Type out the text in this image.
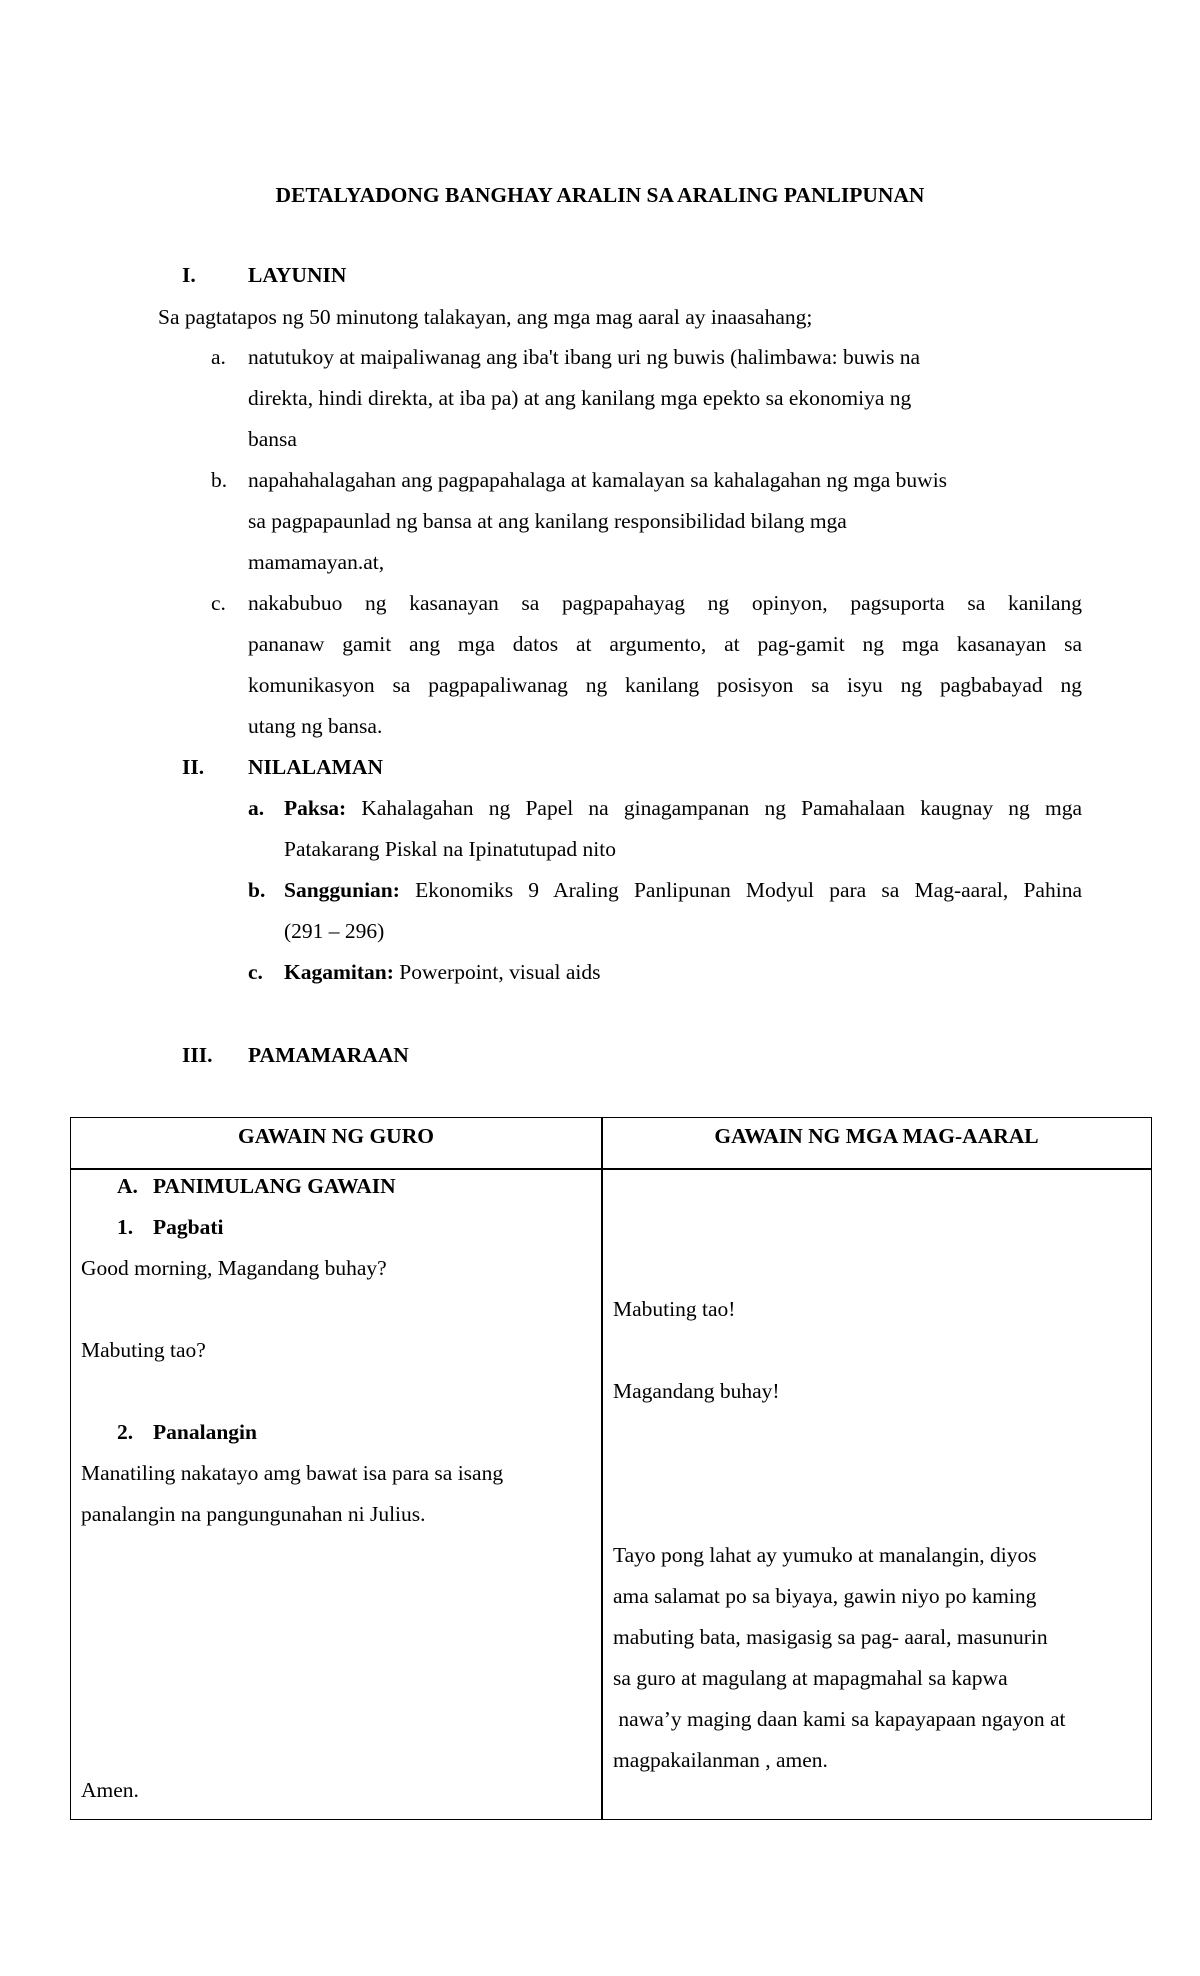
DETALYADONG BANGHAY ARALIN SA ARALING PANLIPUNAN
I. LAYUNIN
Sa pagtatapos ng 50 minutong talakayan, ang mga mag aaral ay inaasahang;
a. natutukoy at maipaliwanag ang iba't ibang uri ng buwis (halimbawa: buwis na
direkta, hindi direkta, at iba pa) at ang kanilang mga epekto sa ekonomiya ng
bansa
b. napahahalagahan ang pagpapahalaga at kamalayan sa kahalagahan ng mga buwis
sa pagpapaunlad ng bansa at ang kanilang responsibilidad bilang mga
mamamayan.at,
c. nakabubuo ng kasanayan sa pagpapahayag ng opinyon, pagsuporta sa kanilang
pananaw gamit ang mga datos at argumento, at pag-gamit ng mga kasanayan sa
komunikasyon sa pagpapaliwanag ng kanilang posisyon sa isyu ng pagbabayad ng
utang ng bansa.
II. NILALAMAN
a. Paksa: Kahalagahan ng Papel na ginagampanan ng Pamahalaan kaugnay ng mga
Patakarang Piskal na Ipinatutupad nito
b. Sanggunian: Ekonomiks 9 Araling Panlipunan Modyul para sa Mag-aaral, Pahina
(291 – 296)
c. Kagamitan: Powerpoint, visual aids
III. PAMAMARAAN
GAWAIN NG GURO	GAWAIN NG MGA MAG-AARAL
A. PANIMULANG GAWAIN
1. Pagbati
Good morning, Magandang buhay?
Mabuting tao?
2. Panalangin
Manatiling nakatayo amg bawat isa para sa isang
panalangin na pangungunahan ni Julius.
Amen.
Mabuting tao!
Magandang buhay!
Tayo pong lahat ay yumuko at manalangin, diyos
ama salamat po sa biyaya, gawin niyo po kaming
mabuting bata, masigasig sa pag- aaral, masunurin
sa guro at magulang at mapagmahal sa kapwa
nawa’y maging daan kami sa kapayapaan ngayon at
magpakailanman , amen.
